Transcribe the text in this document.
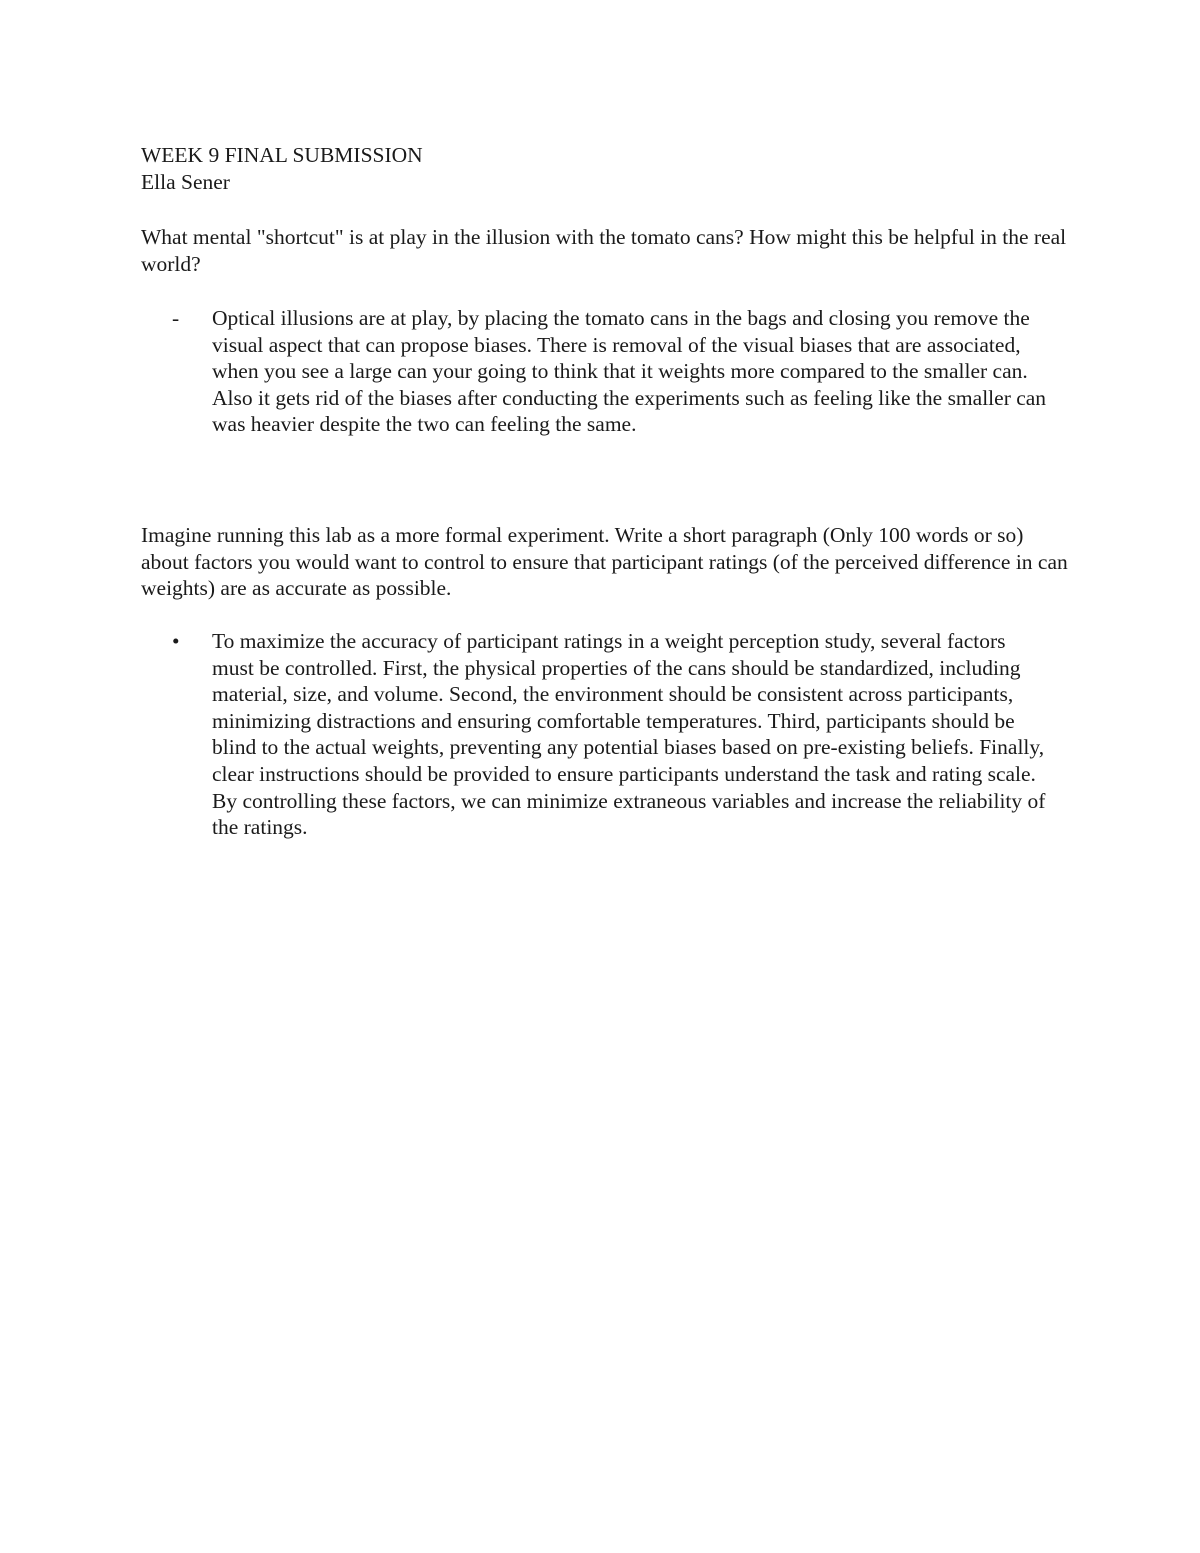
WEEK 9 FINAL SUBMISSION

Ella Sener

What mental "shortcut" is at play in the illusion with the tomato cans? How might this be helpful in the real world?

-	Optical illusions are at play, by placing the tomato cans in the bags and closing you remove the visual aspect that can propose biases. There is removal of the visual biases that are associated, when you see a large can your going to think that it weights more compared to the smaller can. Also it gets rid of the biases after conducting the experiments such as feeling like the smaller can was heavier despite the two can feeling the same.

Imagine running this lab as a more formal experiment. Write a short paragraph (Only 100 words or so) about factors you would want to control to ensure that participant ratings (of the perceived difference in can weights) are as accurate as possible.

•	To maximize the accuracy of participant ratings in a weight perception study, several factors must be controlled. First, the physical properties of the cans should be standardized, including material, size, and volume. Second, the environment should be consistent across participants, minimizing distractions and ensuring comfortable temperatures. Third, participants should be blind to the actual weights, preventing any potential biases based on pre-existing beliefs. Finally, clear instructions should be provided to ensure participants understand the task and rating scale. By controlling these factors, we can minimize extraneous variables and increase the reliability of the ratings.
